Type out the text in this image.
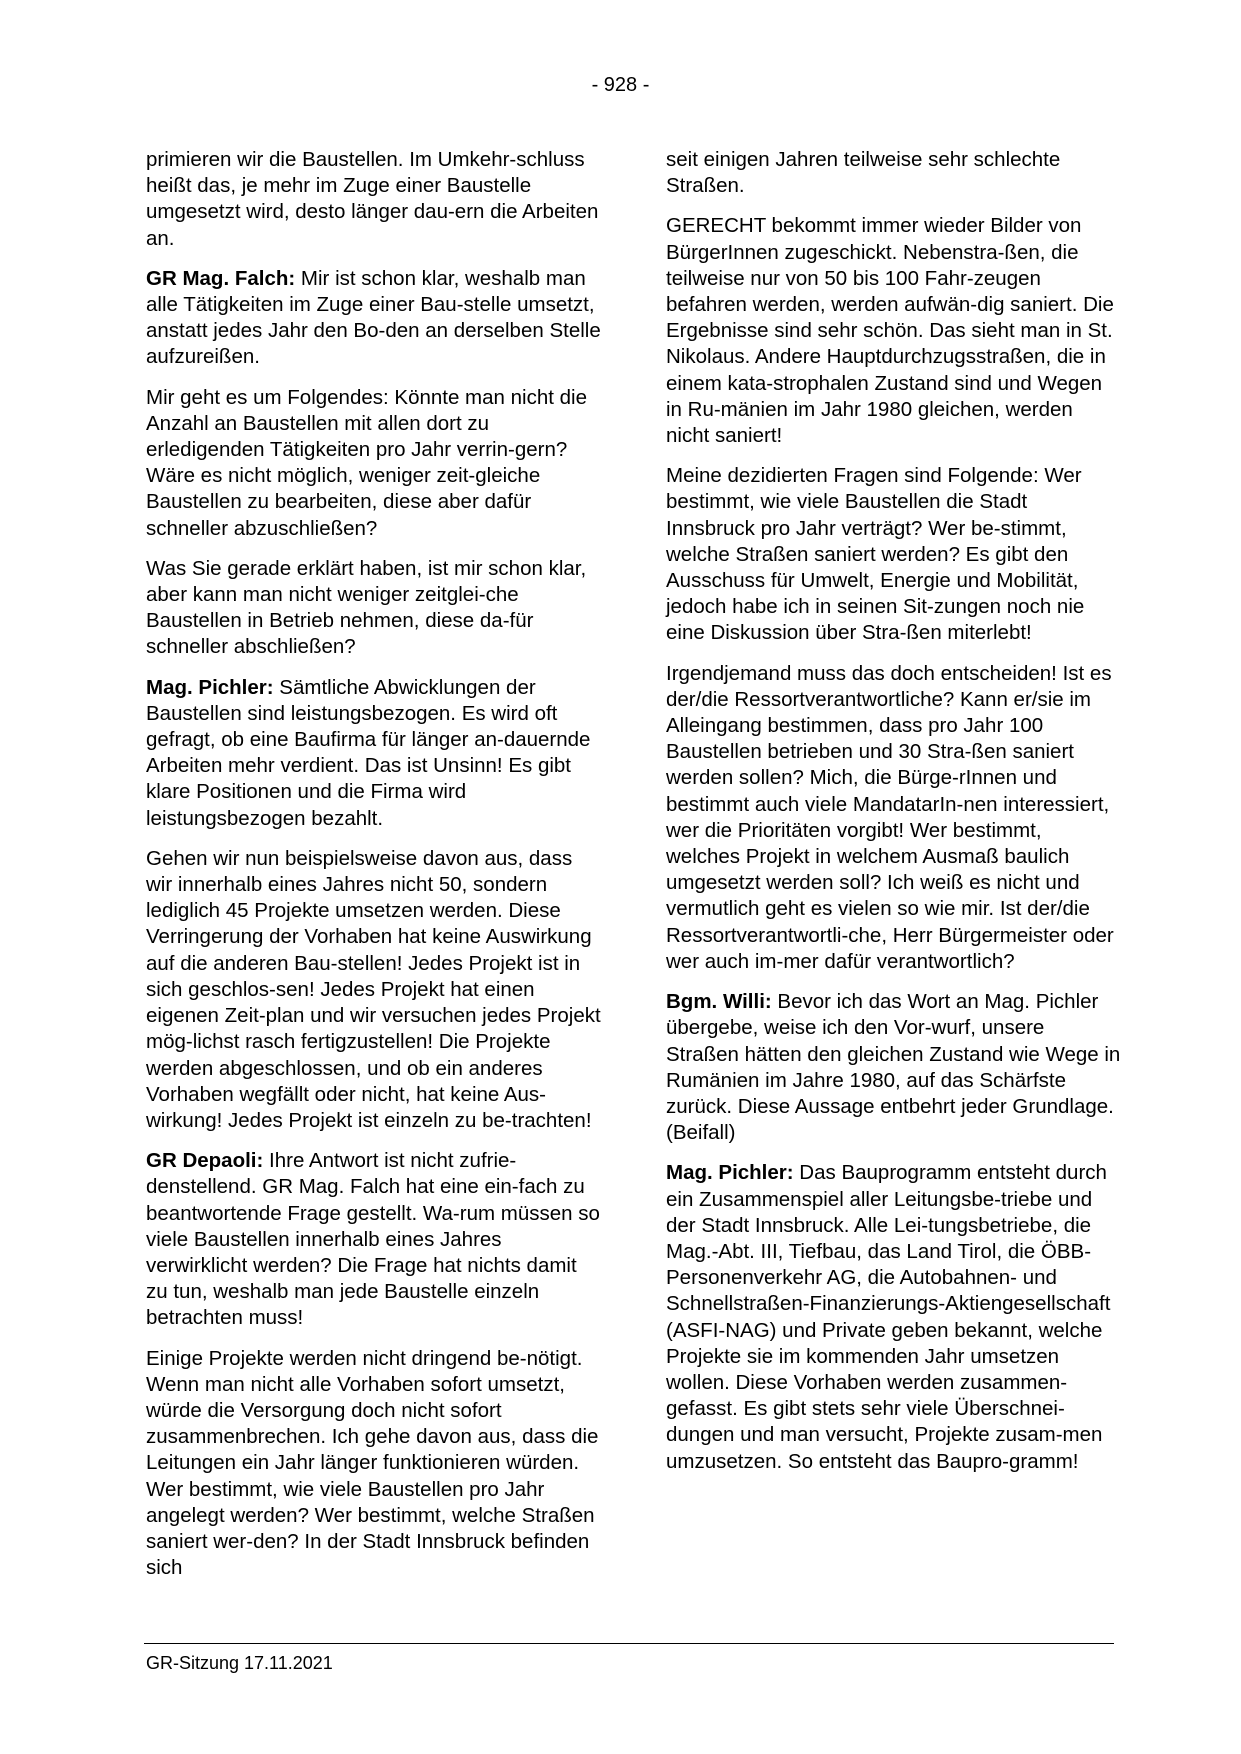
- 928 -

primieren wir die Baustellen. Im Umkehr-schluss heißt das, je mehr im Zuge einer Baustelle umgesetzt wird, desto länger dau-ern die Arbeiten an.

GR Mag. Falch: Mir ist schon klar, weshalb man alle Tätigkeiten im Zuge einer Bau-stelle umsetzt, anstatt jedes Jahr den Bo-den an derselben Stelle aufzureißen.

Mir geht es um Folgendes: Könnte man nicht die Anzahl an Baustellen mit allen dort zu erledigenden Tätigkeiten pro Jahr verrin-gern? Wäre es nicht möglich, weniger zeit-gleiche Baustellen zu bearbeiten, diese aber dafür schneller abzuschließen?

Was Sie gerade erklärt haben, ist mir schon klar, aber kann man nicht weniger zeitglei-che Baustellen in Betrieb nehmen, diese da-für schneller abschließen?

Mag. Pichler: Sämtliche Abwicklungen der Baustellen sind leistungsbezogen. Es wird oft gefragt, ob eine Baufirma für länger an-dauernde Arbeiten mehr verdient. Das ist Unsinn! Es gibt klare Positionen und die Firma wird leistungsbezogen bezahlt.

Gehen wir nun beispielsweise davon aus, dass wir innerhalb eines Jahres nicht 50, sondern lediglich 45 Projekte umsetzen werden. Diese Verringerung der Vorhaben hat keine Auswirkung auf die anderen Bau-stellen! Jedes Projekt ist in sich geschlos-sen! Jedes Projekt hat einen eigenen Zeit-plan und wir versuchen jedes Projekt mög-lichst rasch fertigzustellen! Die Projekte werden abgeschlossen, und ob ein anderes Vorhaben wegfällt oder nicht, hat keine Aus-wirkung! Jedes Projekt ist einzeln zu be-trachten!

GR Depaoli: Ihre Antwort ist nicht zufrie-denstellend. GR Mag. Falch hat eine ein-fach zu beantwortende Frage gestellt. Wa-rum müssen so viele Baustellen innerhalb eines Jahres verwirklicht werden? Die Frage hat nichts damit zu tun, weshalb man jede Baustelle einzeln betrachten muss!

Einige Projekte werden nicht dringend be-nötigt. Wenn man nicht alle Vorhaben sofort umsetzt, würde die Versorgung doch nicht sofort zusammenbrechen. Ich gehe davon aus, dass die Leitungen ein Jahr länger funktionieren würden. Wer bestimmt, wie viele Baustellen pro Jahr angelegt werden? Wer bestimmt, welche Straßen saniert wer-den? In der Stadt Innsbruck befinden sich

seit einigen Jahren teilweise sehr schlechte Straßen.

GERECHT bekommt immer wieder Bilder von BürgerInnen zugeschickt. Nebenstra-ßen, die teilweise nur von 50 bis 100 Fahr-zeugen befahren werden, werden aufwän-dig saniert. Die Ergebnisse sind sehr schön. Das sieht man in St. Nikolaus. Andere Hauptdurchzugsstraßen, die in einem kata-strophalen Zustand sind und Wegen in Ru-mänien im Jahr 1980 gleichen, werden nicht saniert!

Meine dezidierten Fragen sind Folgende: Wer bestimmt, wie viele Baustellen die Stadt Innsbruck pro Jahr verträgt? Wer be-stimmt, welche Straßen saniert werden? Es gibt den Ausschuss für Umwelt, Energie und Mobilität, jedoch habe ich in seinen Sit-zungen noch nie eine Diskussion über Stra-ßen miterlebt!

Irgendjemand muss das doch entscheiden! Ist es der/die Ressortverantwortliche? Kann er/sie im Alleingang bestimmen, dass pro Jahr 100 Baustellen betrieben und 30 Stra-ßen saniert werden sollen? Mich, die Bürge-rInnen und bestimmt auch viele MandatarIn-nen interessiert, wer die Prioritäten vorgibt! Wer bestimmt, welches Projekt in welchem Ausmaß baulich umgesetzt werden soll? Ich weiß es nicht und vermutlich geht es vielen so wie mir. Ist der/die Ressortverantwortli-che, Herr Bürgermeister oder wer auch im-mer dafür verantwortlich?

Bgm. Willi: Bevor ich das Wort an Mag. Pichler übergebe, weise ich den Vor-wurf, unsere Straßen hätten den gleichen Zustand wie Wege in Rumänien im Jahre 1980, auf das Schärfste zurück. Diese Aussage entbehrt jeder Grundlage. (Beifall)

Mag. Pichler: Das Bauprogramm entsteht durch ein Zusammenspiel aller Leitungsbe-triebe und der Stadt Innsbruck. Alle Lei-tungsbetriebe, die Mag.-Abt. III, Tiefbau, das Land Tirol, die ÖBB-Personenverkehr AG, die Autobahnen- und Schnellstraßen-Finanzierungs-Aktiengesellschaft (ASFI-NAG) und Private geben bekannt, welche Projekte sie im kommenden Jahr umsetzen wollen. Diese Vorhaben werden zusammen-gefasst. Es gibt stets sehr viele Überschnei-dungen und man versucht, Projekte zusam-men umzusetzen. So entsteht das Baupro-gramm!

GR-Sitzung 17.11.2021
